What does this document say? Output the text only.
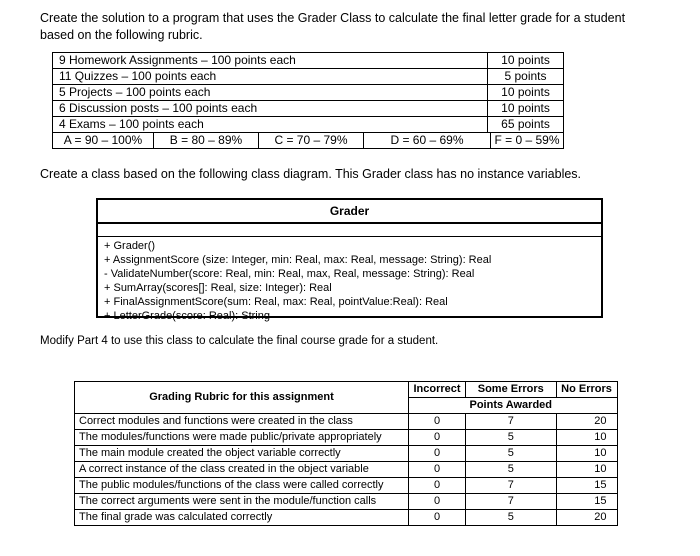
Create the solution to a program that uses the Grader Class to calculate the final letter grade for a student based on the following rubric.
9 Homework Assignments – 100 points each	10 points
11 Quizzes – 100 points each	5 points
5 Projects – 100 points each	10 points
6 Discussion posts – 100 points each	10 points
4 Exams – 100 points each	65 points
A = 90 – 100%	B = 80 – 89%	C = 70 – 79%	D = 60 – 69%	F = 0 – 59%
Create a class based on the following class diagram. This Grader class has no instance variables.
Grader
+ Grader()
+ AssignmentScore (size: Integer, min: Real, max: Real, message: String): Real
- ValidateNumber(score: Real, min: Real, max, Real, message: String): Real
+ SumArray(scores[]: Real, size: Integer): Real
+ FinalAssignmentScore(sum: Real, max: Real, pointValue:Real): Real
+ LetterGrade(score: Real): String
Modify Part 4 to use this class to calculate the final course grade for a student.
Grading Rubric for this assignment	Incorrect	Some Errors	No Errors
		Points Awarded	
Correct modules and functions were created in the class	0	7	20
The modules/functions were made public/private appropriately	0	5	10
The main module created the object variable correctly	0	5	10
A correct instance of the class created in the object variable	0	5	10
The public modules/functions of the class were called correctly	0	7	15
The correct arguments were sent in the module/function calls	0	7	15
The final grade was calculated correctly	0	5	20
